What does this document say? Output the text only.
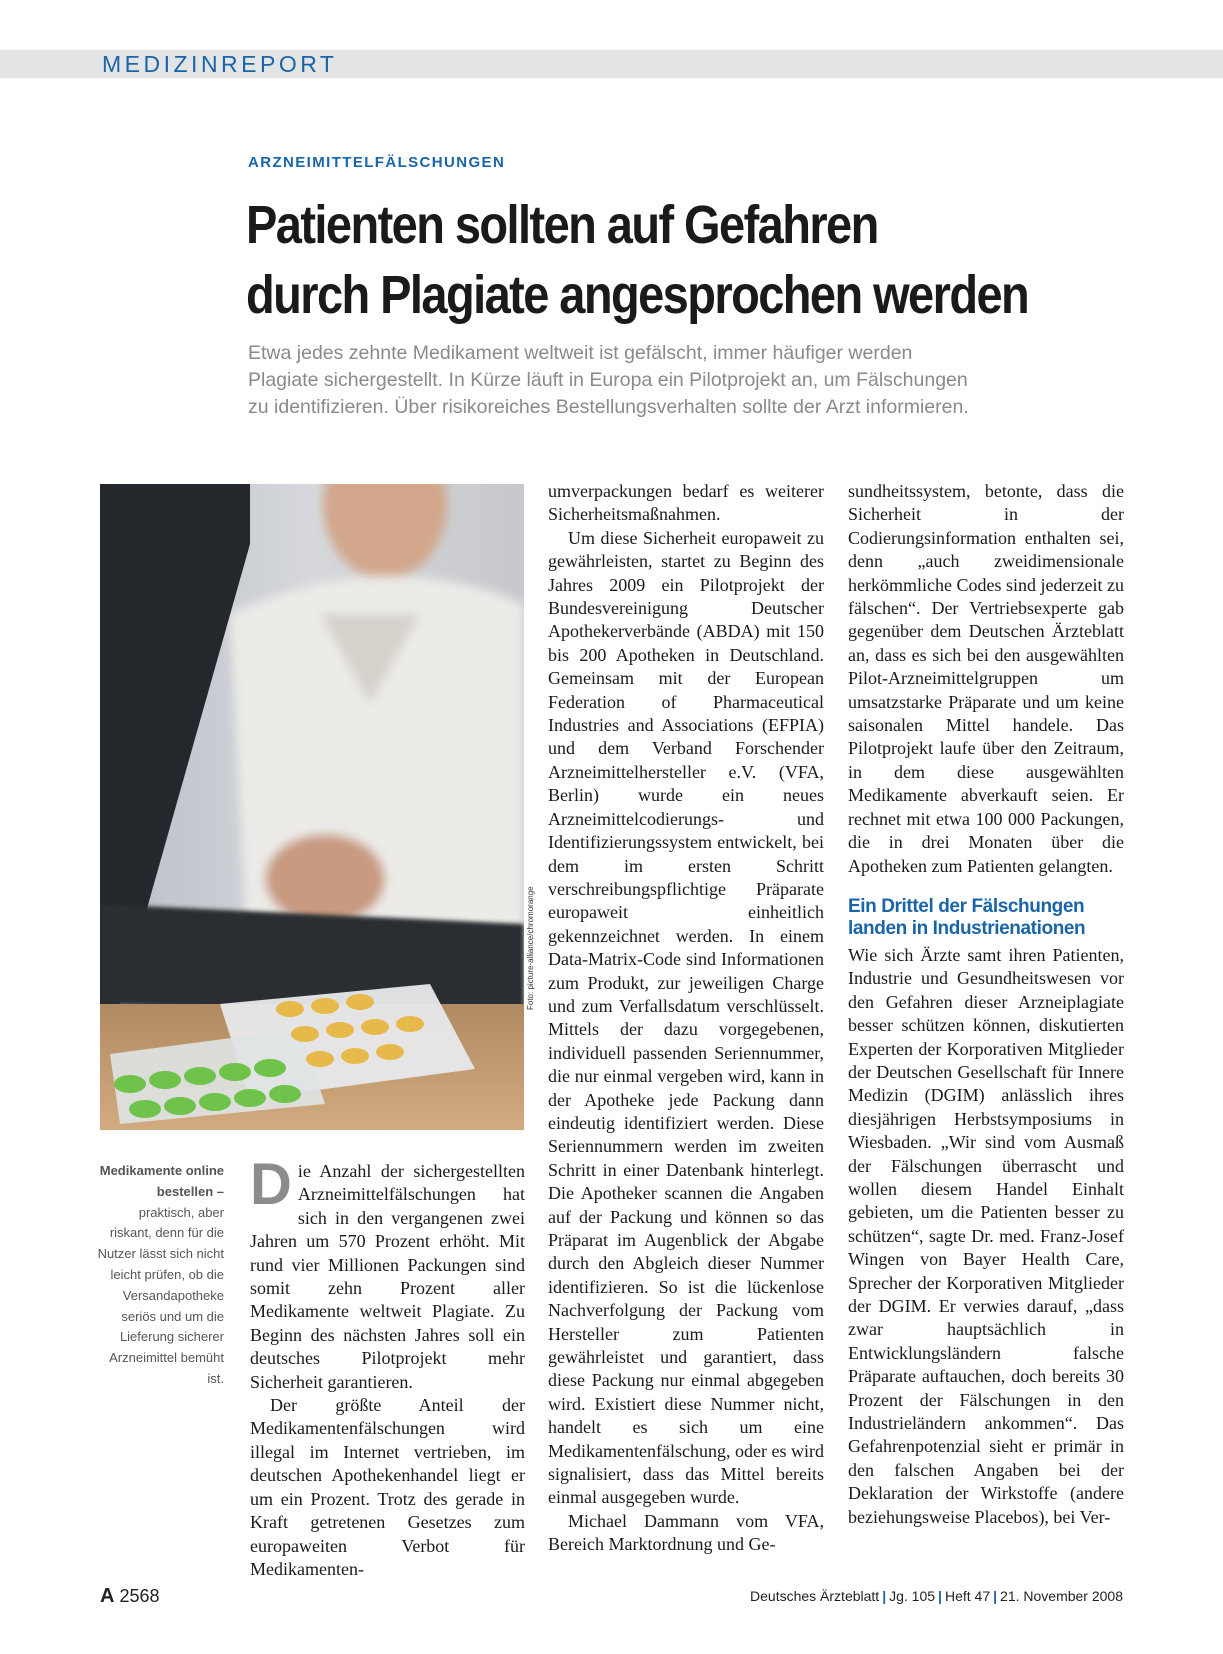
MEDIZINREPORT
ARZNEIMITTELFÄLSCHUNGEN
Patienten sollten auf Gefahren
durch Plagiate angesprochen werden

Etwa jedes zehnte Medikament weltweit ist gefälscht, immer häufiger werden
Plagiate sichergestellt. In Kürze läuft in Europa ein Pilotprojekt an, um Fälschungen
zu identifizieren. Über risikoreiches Bestellungsverhalten sollte der Arzt informieren.

Foto: picture-alliance/chromorange
Medikamente online bestellen –
praktisch, aber riskant, denn für die Nutzer lässt sich nicht leicht prüfen, ob die Versandapotheke seriös und um die Lieferung sicherer Arzneimittel bemüht ist.

Die Anzahl der sichergestellten Arzneimittelfälschungen hat sich in den vergangenen zwei Jahren um 570 Prozent erhöht. Mit rund vier Millionen Packungen sind somit zehn Prozent aller Medikamente weltweit Plagiate. Zu Beginn des nächsten Jahres soll ein deutsches Pilotprojekt mehr Sicherheit garantieren.

Der größte Anteil der Medikamentenfälschungen wird illegal im Internet vertrieben, im deutschen Apothekenhandel liegt er um ein Prozent. Trotz des gerade in Kraft getretenen Gesetzes zum europaweiten Verbot für Medikamenten-

umverpackungen bedarf es weiterer Sicherheitsmaßnahmen.

Um diese Sicherheit europaweit zu gewährleisten, startet zu Beginn des Jahres 2009 ein Pilotprojekt der Bundesvereinigung Deutscher Apothekerverbände (ABDA) mit 150 bis 200 Apotheken in Deutschland. Gemeinsam mit der European Federation of Pharmaceutical Industries and Associations (EFPIA) und dem Verband Forschender Arzneimittelhersteller e.V. (VFA, Berlin) wurde ein neues Arzneimittelcodierungs- und Identifizierungssystem entwickelt, bei dem im ersten Schritt verschreibungspflichtige Präparate europaweit einheitlich gekennzeichnet werden. In einem Data-Matrix-Code sind Informationen zum Produkt, zur jeweiligen Charge und zum Verfallsdatum verschlüsselt. Mittels der dazu vorgegebenen, individuell passenden Seriennummer, die nur einmal vergeben wird, kann in der Apotheke jede Packung dann eindeutig identifiziert werden. Diese Seriennummern werden im zweiten Schritt in einer Datenbank hinterlegt. Die Apotheker scannen die Angaben auf der Packung und können so das Präparat im Augenblick der Abgabe durch den Abgleich dieser Nummer identifizieren. So ist die lückenlose Nachverfolgung der Packung vom Hersteller zum Patienten gewährleistet und garantiert, dass diese Packung nur einmal abgegeben wird. Existiert diese Nummer nicht, handelt es sich um eine Medikamentenfälschung, oder es wird signalisiert, dass das Mittel bereits einmal ausgegeben wurde.

Michael Dammann vom VFA, Bereich Marktordnung und Ge-

sundheitssystem, betonte, dass die Sicherheit in der Codierungsinformation enthalten sei, denn „auch zweidimensionale herkömmliche Codes sind jederzeit zu fälschen“. Der Vertriebsexperte gab gegenüber dem Deutschen Ärzteblatt an, dass es sich bei den ausgewählten Pilot-Arzneimittelgruppen um umsatzstarke Präparate und um keine saisonalen Mittel handele. Das Pilotprojekt laufe über den Zeitraum, in dem diese ausgewählten Medikamente abverkauft seien. Er rechnet mit etwa 100 000 Packungen, die in drei Monaten über die Apotheken zum Patienten gelangten.

Ein Drittel der Fälschungen landen in Industrienationen

Wie sich Ärzte samt ihren Patienten, Industrie und Gesundheitswesen vor den Gefahren dieser Arzneiplagiate besser schützen können, diskutierten Experten der Korporativen Mitglieder der Deutschen Gesellschaft für Innere Medizin (DGIM) anlässlich ihres diesjährigen Herbstsymposiums in Wiesbaden. „Wir sind vom Ausmaß der Fälschungen überrascht und wollen diesem Handel Einhalt gebieten, um die Patienten besser zu schützen“, sagte Dr. med. Franz-Josef Wingen von Bayer Health Care, Sprecher der Korporativen Mitglieder der DGIM. Er verwies darauf, „dass zwar hauptsächlich in Entwicklungsländern falsche Präparate auftauchen, doch bereits 30 Prozent der Fälschungen in den Industrieländern ankommen“. Das Gefahrenpotenzial sieht er primär in den falschen Angaben bei der Deklaration der Wirkstoffe (andere beziehungsweise Placebos), bei Ver-

A 2568	Deutsches Ärzteblatt | Jg. 105 | Heft 47 | 21. November 2008
